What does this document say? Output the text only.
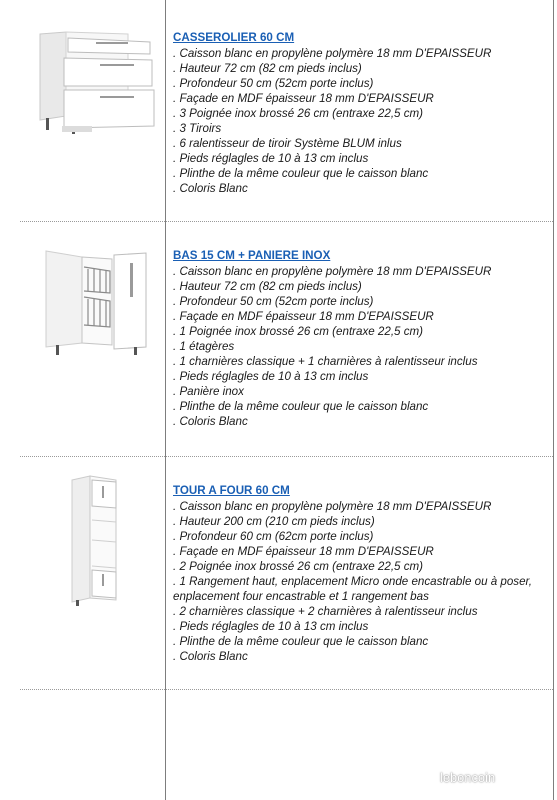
CASSEROLIER 60 CM
. Caisson blanc en propylène polymère 18 mm D'EPAISSEUR
. Hauteur 72 cm (82 cm pieds inclus)
. Profondeur 50 cm (52cm porte inclus)
. Façade en MDF épaisseur 18 mm D'EPAISSEUR
. 3 Poignée inox brossé 26 cm (entraxe 22,5 cm)
. 3 Tiroirs
. 6 ralentisseur de tiroir Système BLUM inlus
. Pieds réglagles de 10 à 13 cm inclus
. Plinthe de la même couleur que le caisson blanc
. Coloris Blanc
BAS 15 CM + PANIERE INOX
. Caisson blanc en propylène polymère 18 mm D'EPAISSEUR
. Hauteur 72 cm (82 cm pieds inclus)
. Profondeur 50 cm (52cm porte inclus)
. Façade en MDF épaisseur 18 mm D'EPAISSEUR
. 1 Poignée inox brossé 26 cm (entraxe 22,5 cm)
. 1 étagères
. 1 charnières classique + 1 charnières à ralentisseur inclus
. Pieds réglagles de 10 à 13 cm inclus
. Panière inox
. Plinthe de la même couleur que le caisson blanc
. Coloris Blanc
TOUR A FOUR 60 CM
. Caisson blanc en propylène polymère 18 mm D'EPAISSEUR
. Hauteur 200 cm (210 cm pieds inclus)
. Profondeur 60 cm (62cm porte inclus)
. Façade en MDF épaisseur 18 mm D'EPAISSEUR
. 2 Poignée inox brossé 26 cm (entraxe 22,5 cm)
. 1 Rangement haut, enplacement Micro onde encastrable ou à poser, enplacement four encastrable et 1 rangement bas
. 2 charnières classique + 2 charnières à ralentisseur inclus
. Pieds réglagles de 10 à 13 cm inclus
. Plinthe de la même couleur que le caisson blanc
. Coloris Blanc
leboncoin
